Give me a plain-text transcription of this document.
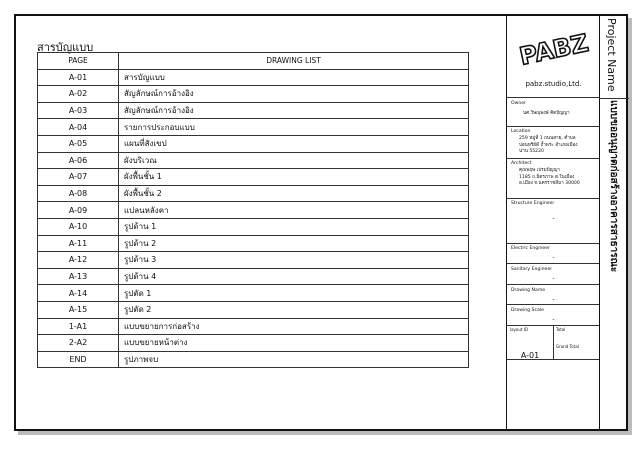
สารบัญแบบ
PAGE	DRAWING LIST
A-01	สารบัญแบบ
A-02	สัญลักษณ์การอ้างอิง
A-03	สัญลักษณ์การอ้างอิง
A-04	รายการประกอบแบบ
A-05	แผนที่สังเขป
A-06	ผังบริเวณ
A-07	ผังพื้นชั้น 1
A-08	ผังพื้นชั้น 2
A-09	แปลนหลังคา
A-10	รูปด้าน 1
A-11	รูปด้าน 2
A-12	รูปด้าน 3
A-13	รูปด้าน 4
A-14	รูปตัด 1
A-15	รูปตัด 2
1-A1	แบบขยายการก่อสร้าง
2-A2	แบบขยายหน้าต่าง
END	รูปภาพจบ
PABZ
pabz.studio,Ltd.
Owner
นศ.วิษณุพงษ์ คิดปัญญา
Location
259 หมู่ที่ 1 ถนนสาย, ตำบล
ปอนทรีย์ดี ถ้ำพระ อำเภอเมือง
น่าน 55220
Architect
คุณพฤษ เปรมปัญญา
1185 ถ.มิตรภาพ ต.ในเมือง
อ.เมือง จ.นครราชสีมา 30000
Structure Engineer
-
Electric Engineer
-
Sanitary Engineer
-
Drawing Name
-
Drawing Scale
-
layout ID
A-01
Total
Grand Total
Project Name
แบบขออนุญาตก่อสร้างอาคารสาธารณะ
